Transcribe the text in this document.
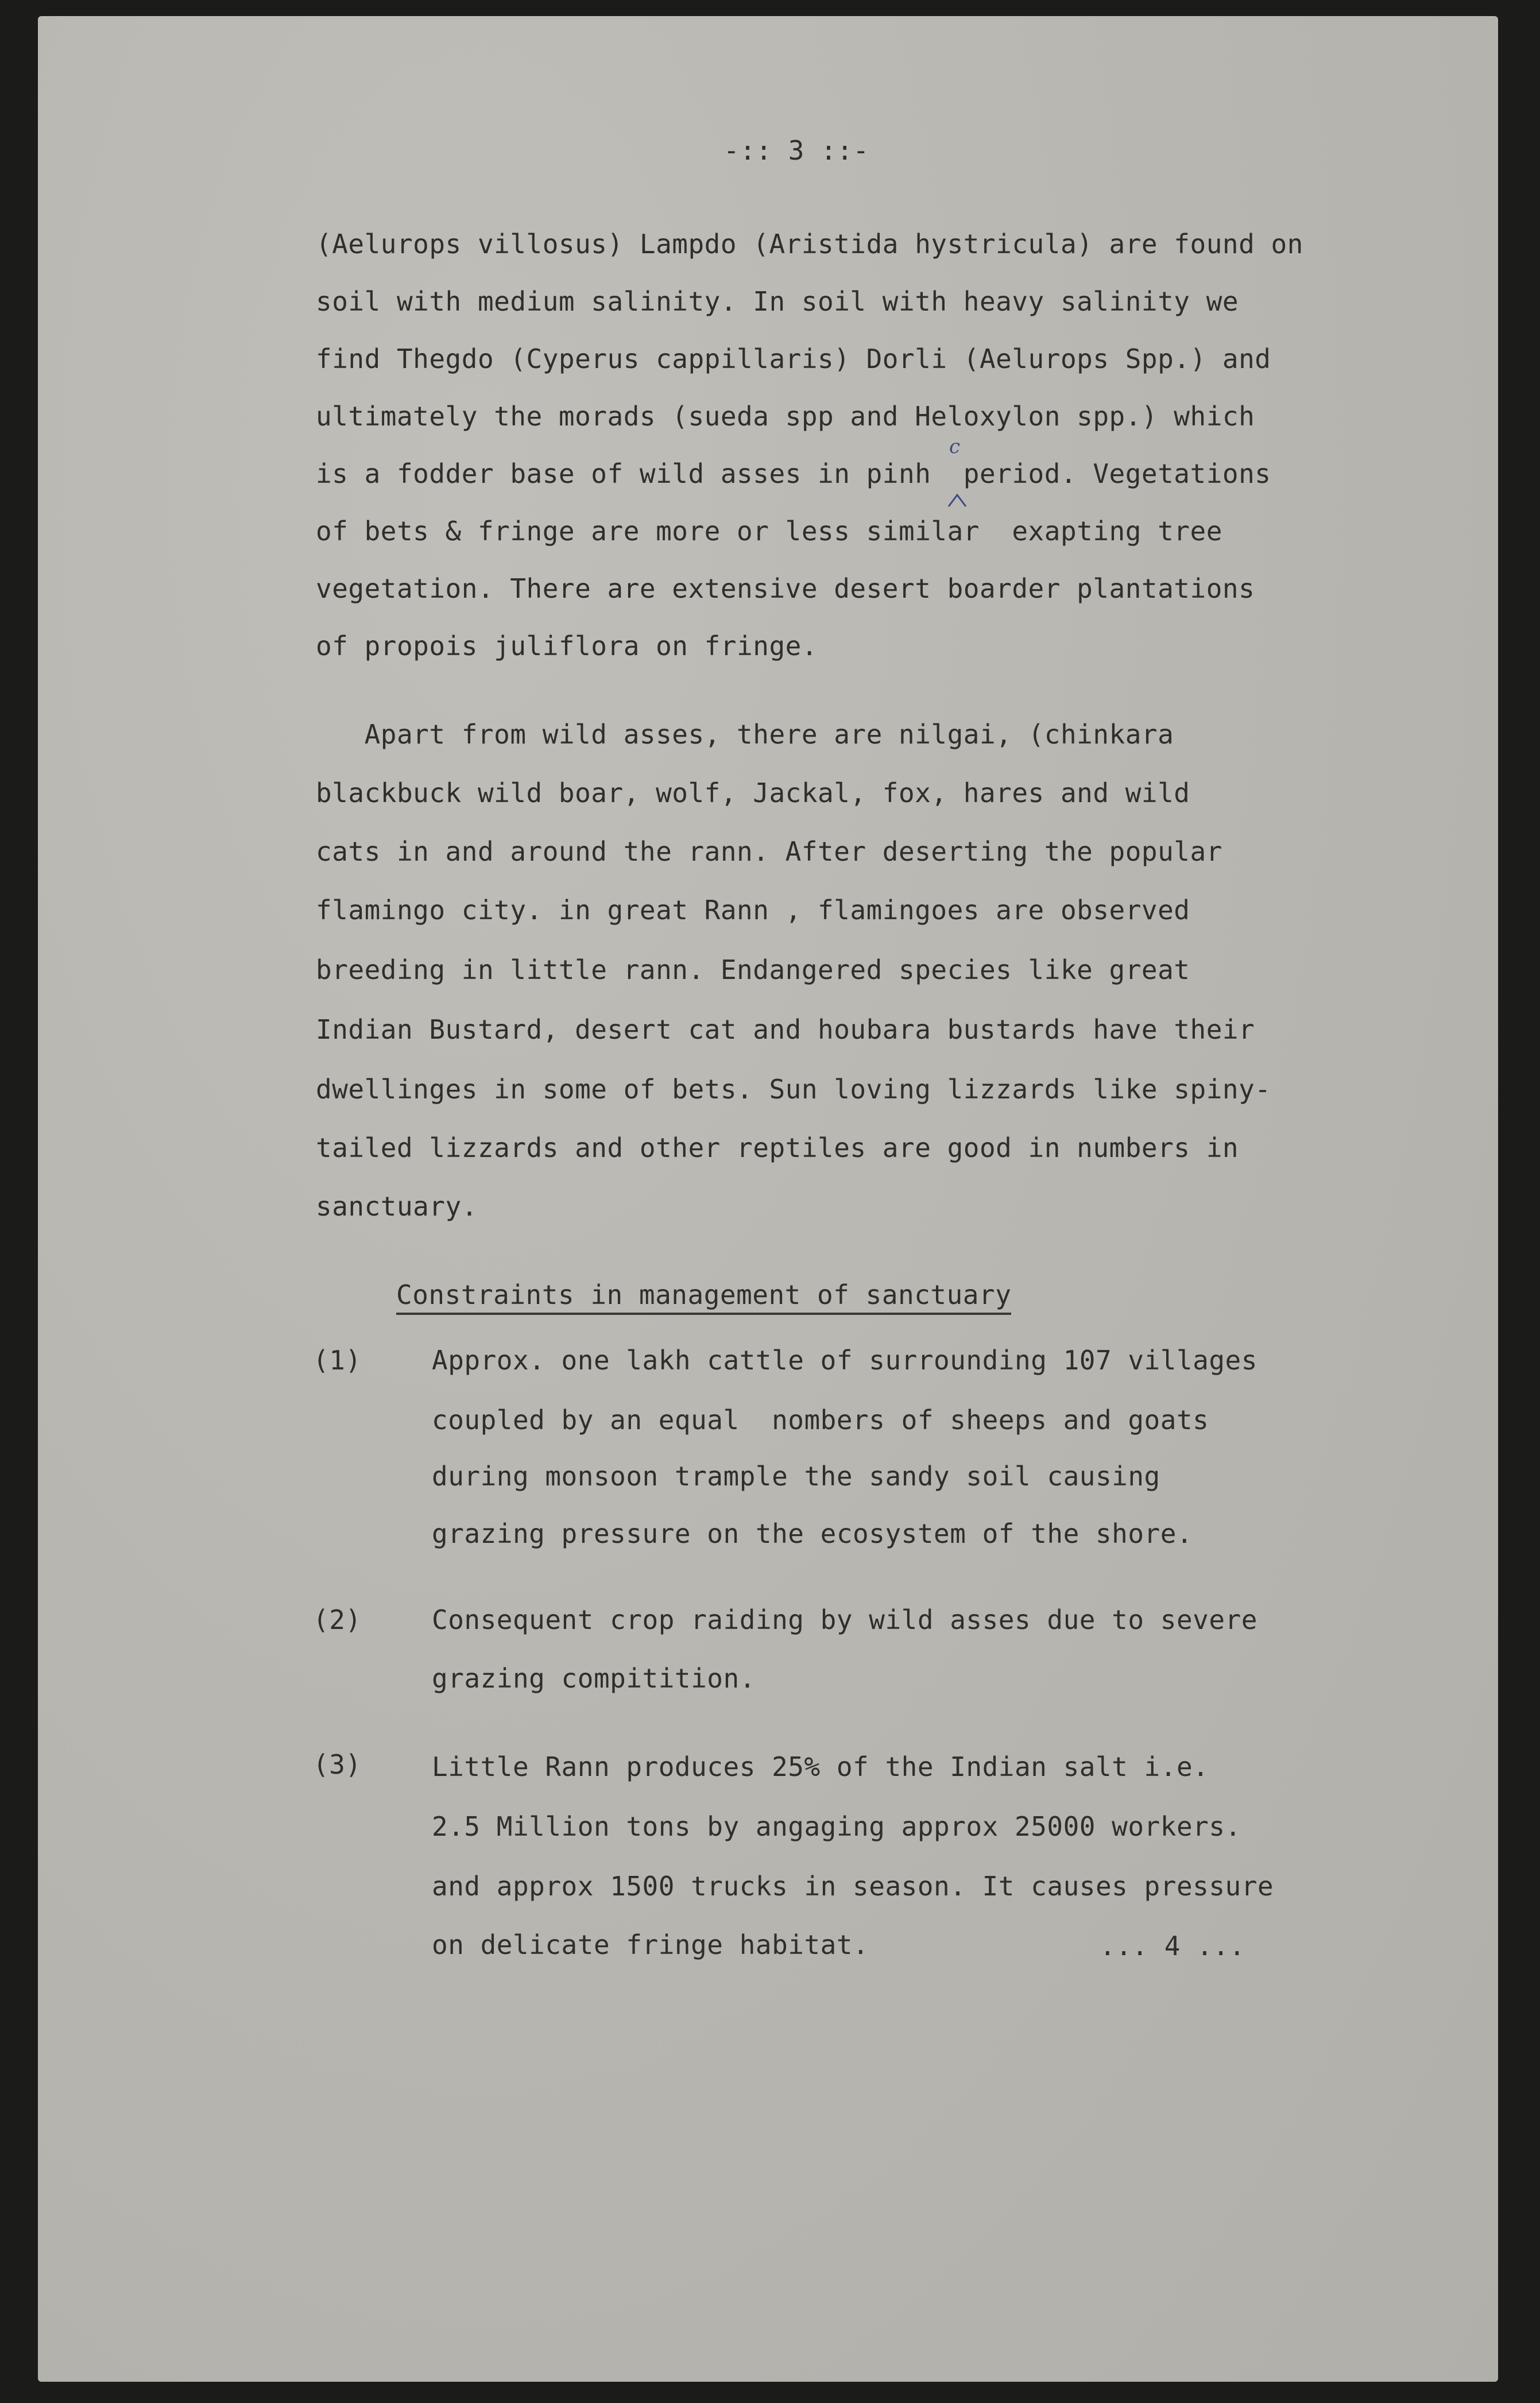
-:: 3 ::-
(Aelurops villosus) Lampdo (Aristida hystricula) are found on
soil with medium salinity. In soil with heavy salinity we
find Thegdo (Cyperus cappillaris) Dorli (Aelurops Spp.) and
ultimately the morads (sueda spp and Heloxylon spp.) which
is a fodder base of wild asses in pinh  period. Vegetations
of bets & fringe are more or less similar  exapting tree
vegetation. There are extensive desert boarder plantations
of propois juliflora on fringe.
c
Apart from wild asses, there are nilgai, (chinkara
blackbuck wild boar, wolf, Jackal, fox, hares and wild
cats in and around the rann. After deserting the popular
flamingo city. in great Rann , flamingoes are observed
breeding in little rann. Endangered species like great
Indian Bustard, desert cat and houbara bustards have their
dwellinges in some of bets. Sun loving lizzards like spiny-
tailed lizzards and other reptiles are good in numbers in
sanctuary.
Constraints in management of sanctuary
(1)	Approx. one lakh cattle of surrounding 107 villages
coupled by an equal  nombers of sheeps and goats
during monsoon trample the sandy soil causing
grazing pressure on the ecosystem of the shore.
(2)	Consequent crop raiding by wild asses due to severe
grazing compitition.
(3)	Little Rann produces 25% of the Indian salt i.e.
2.5 Million tons by angaging approx 25000 workers.
and approx 1500 trucks in season. It causes pressure
on delicate fringe habitat.	... 4 ...
